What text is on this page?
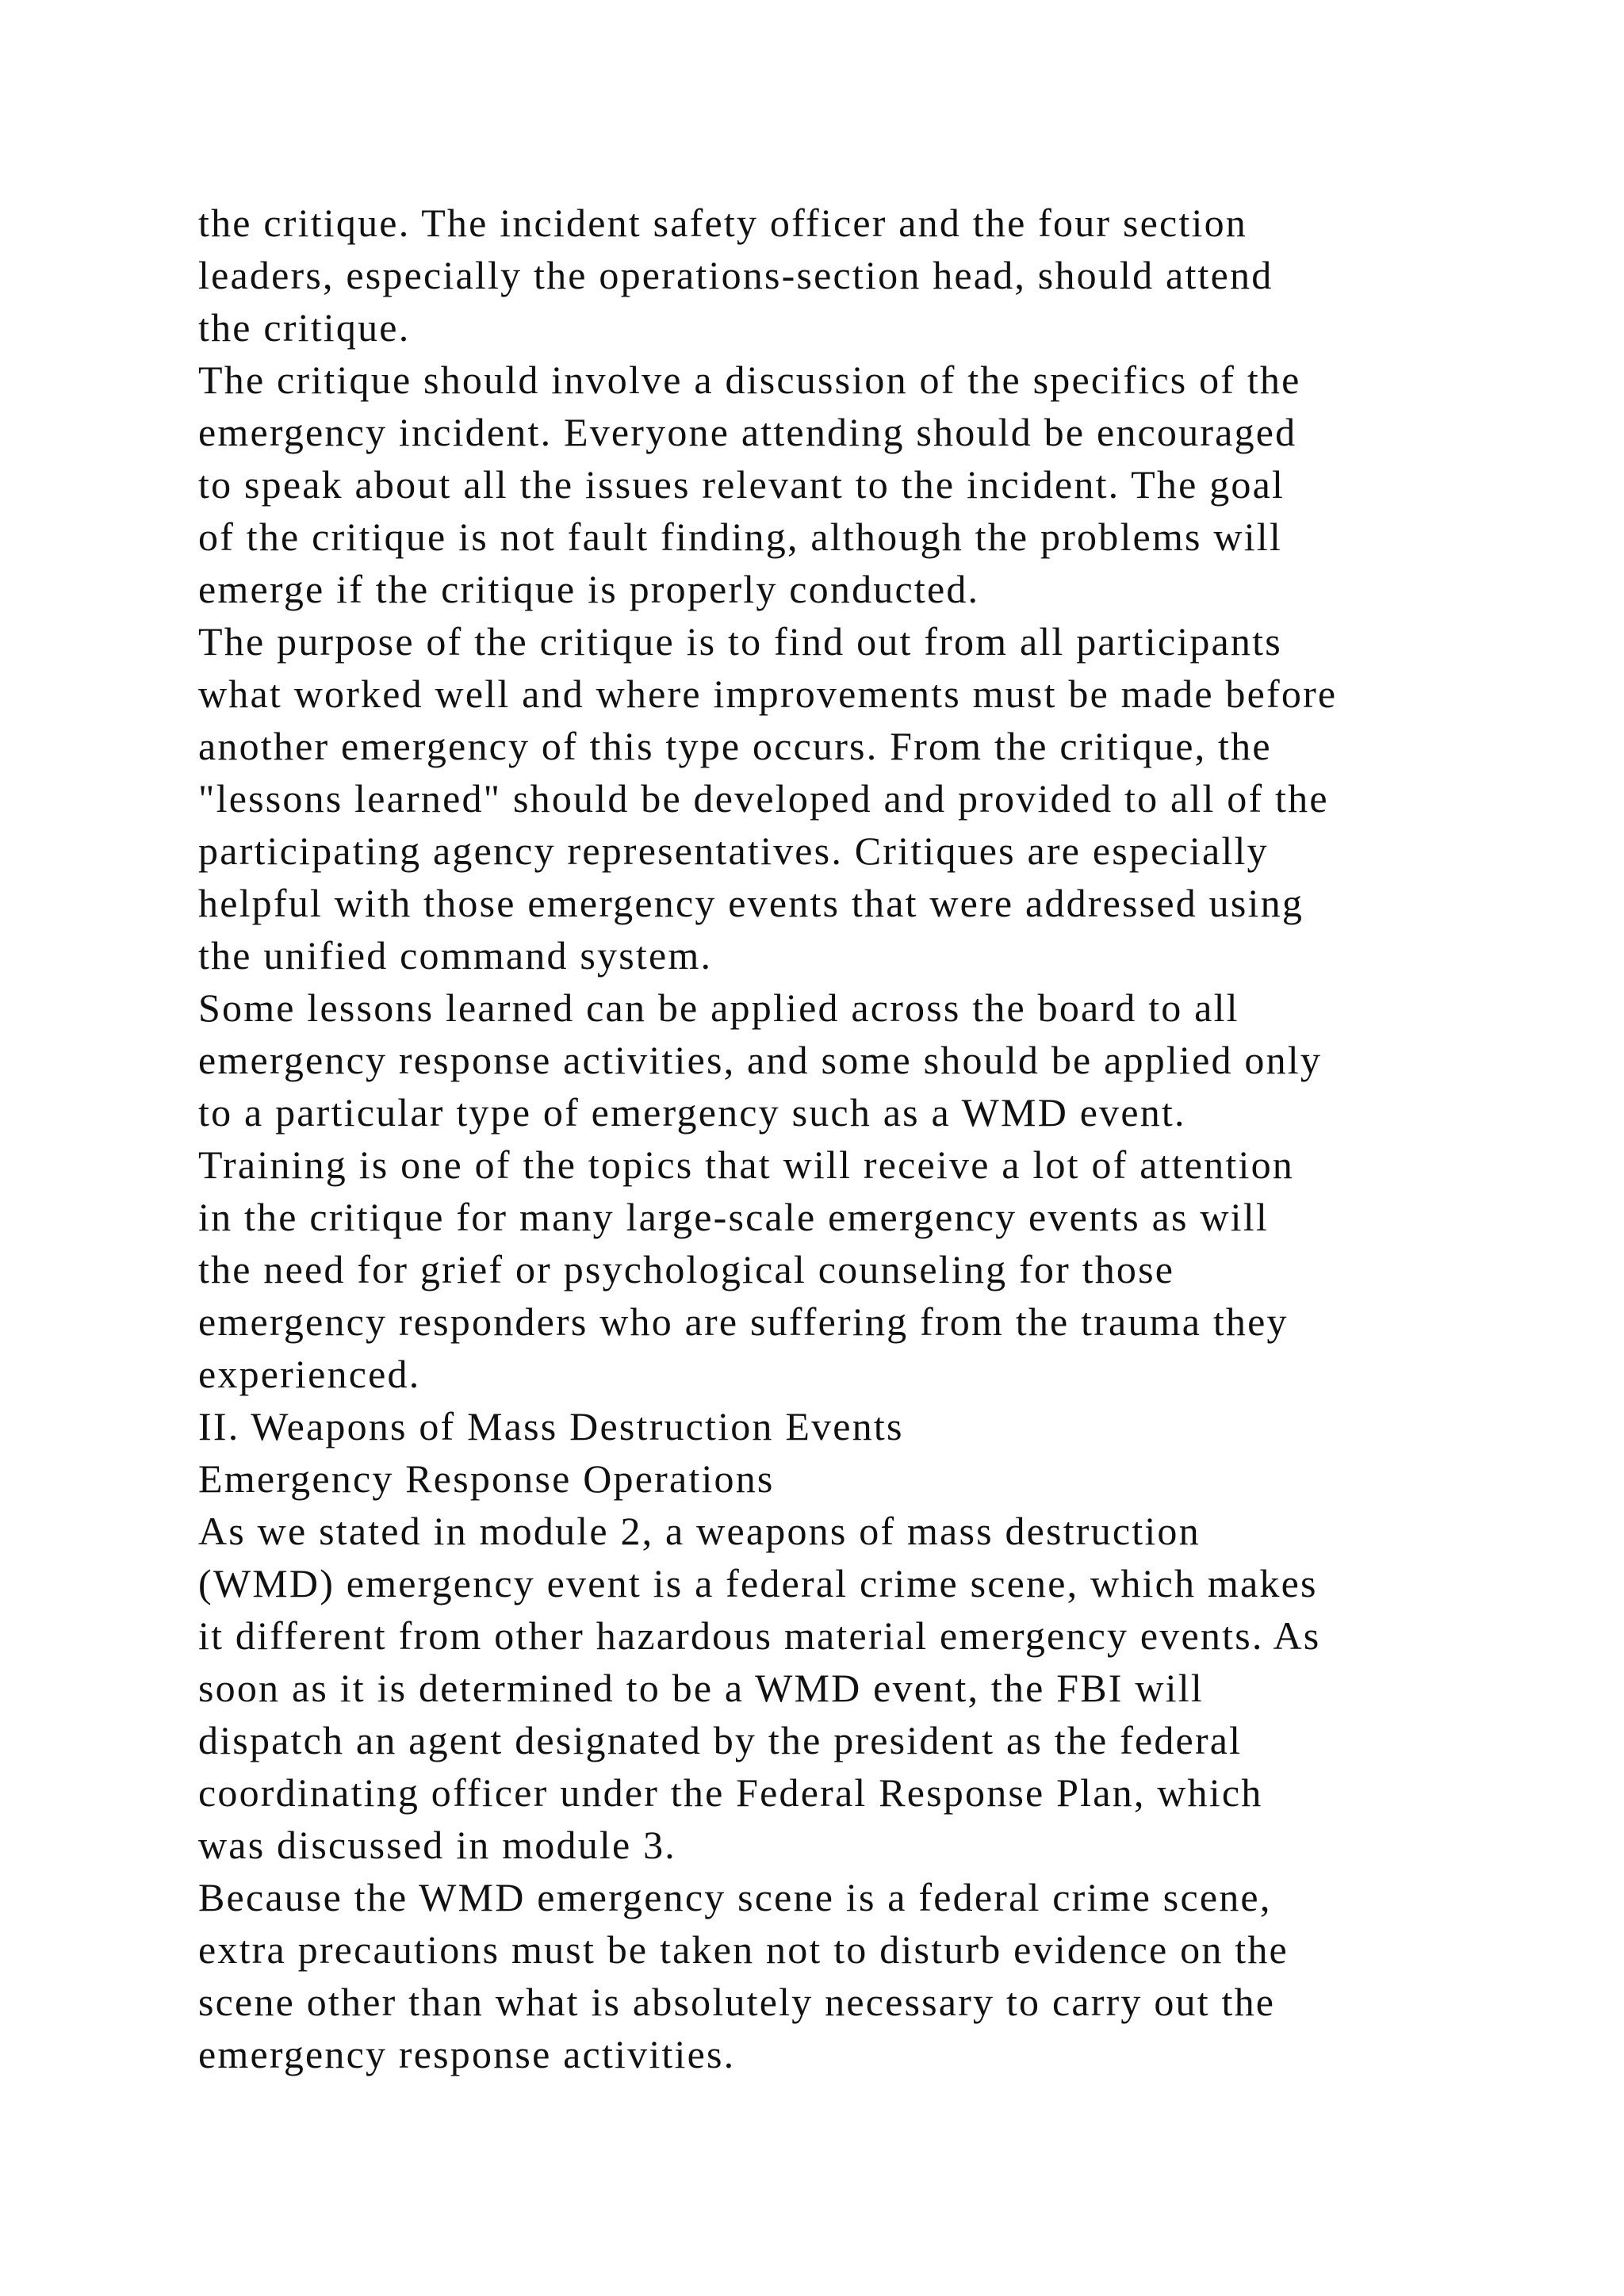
the critique. The incident safety officer and the four section
leaders, especially the operations-section head, should attend
the critique.
The critique should involve a discussion of the specifics of the
emergency incident. Everyone attending should be encouraged
to speak about all the issues relevant to the incident. The goal
of the critique is not fault finding, although the problems will
emerge if the critique is properly conducted.
The purpose of the critique is to find out from all participants
what worked well and where improvements must be made before
another emergency of this type occurs. From the critique, the
"lessons learned" should be developed and provided to all of the
participating agency representatives. Critiques are especially
helpful with those emergency events that were addressed using
the unified command system.
Some lessons learned can be applied across the board to all
emergency response activities, and some should be applied only
to a particular type of emergency such as a WMD event.
Training is one of the topics that will receive a lot of attention
in the critique for many large-scale emergency events as will
the need for grief or psychological counseling for those
emergency responders who are suffering from the trauma they
experienced.
II. Weapons of Mass Destruction Events
Emergency Response Operations
As we stated in module 2, a weapons of mass destruction
(WMD) emergency event is a federal crime scene, which makes
it different from other hazardous material emergency events. As
soon as it is determined to be a WMD event, the FBI will
dispatch an agent designated by the president as the federal
coordinating officer under the Federal Response Plan, which
was discussed in module 3.
Because the WMD emergency scene is a federal crime scene,
extra precautions must be taken not to disturb evidence on the
scene other than what is absolutely necessary to carry out the
emergency response activities.
